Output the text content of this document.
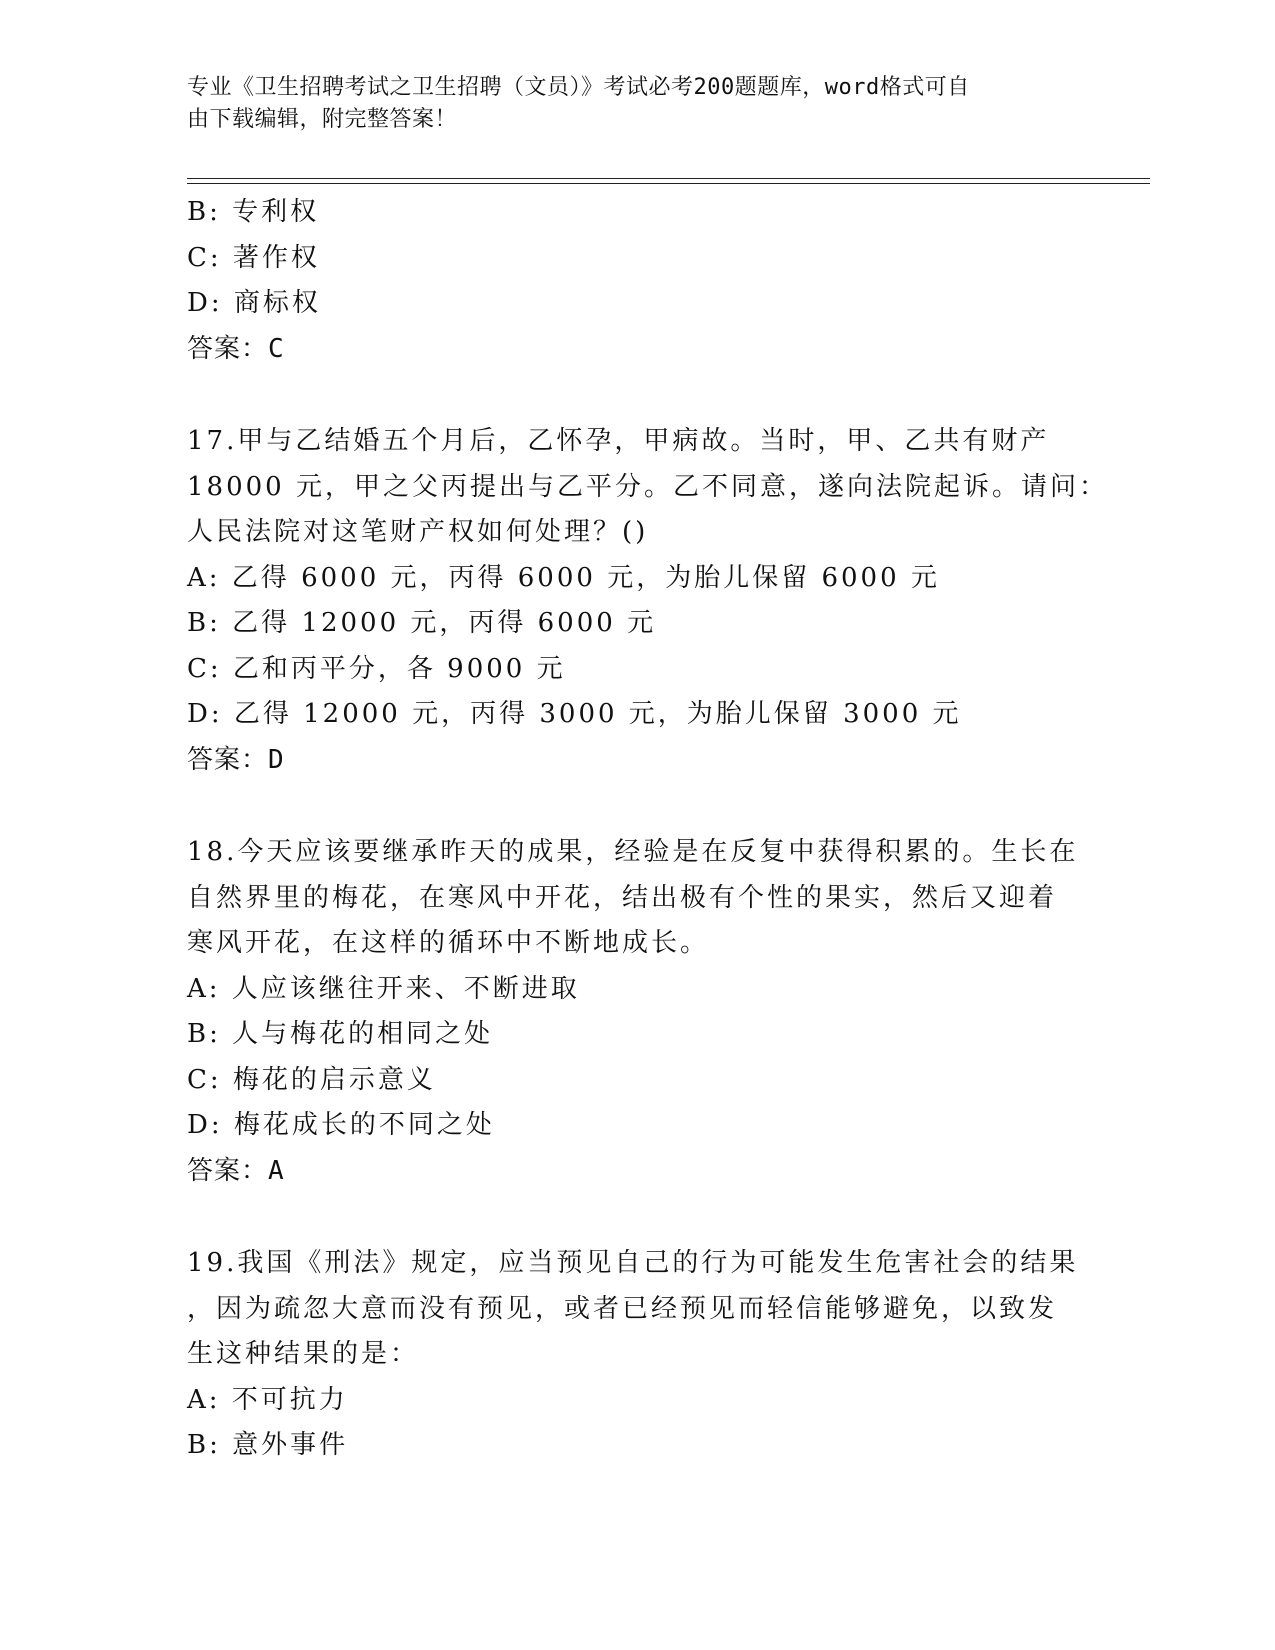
专业《卫生招聘考试之卫生招聘（文员）》考试必考200题题库，word格式可自
由下载编辑，附完整答案！
B: 专利权
C: 著作权
D: 商标权
答案：C
17.甲与乙结婚五个月后，乙怀孕，甲病故。当时，甲、乙共有财产
18000 元，甲之父丙提出与乙平分。乙不同意，遂向法院起诉。请问：
人民法院对这笔财产权如何处理？()
A: 乙得 6000 元，丙得 6000 元，为胎儿保留 6000 元
B: 乙得 12000 元，丙得 6000 元
C: 乙和丙平分，各 9000 元
D: 乙得 12000 元，丙得 3000 元，为胎儿保留 3000 元
答案：D
18.今天应该要继承昨天的成果，经验是在反复中获得积累的。生长在
自然界里的梅花，在寒风中开花，结出极有个性的果实，然后又迎着
寒风开花，在这样的循环中不断地成长。
A: 人应该继往开来、不断进取
B: 人与梅花的相同之处
C: 梅花的启示意义
D: 梅花成长的不同之处
答案：A
19.我国《刑法》规定，应当预见自己的行为可能发生危害社会的结果
，因为疏忽大意而没有预见，或者已经预见而轻信能够避免，以致发
生这种结果的是：
A: 不可抗力
B: 意外事件
